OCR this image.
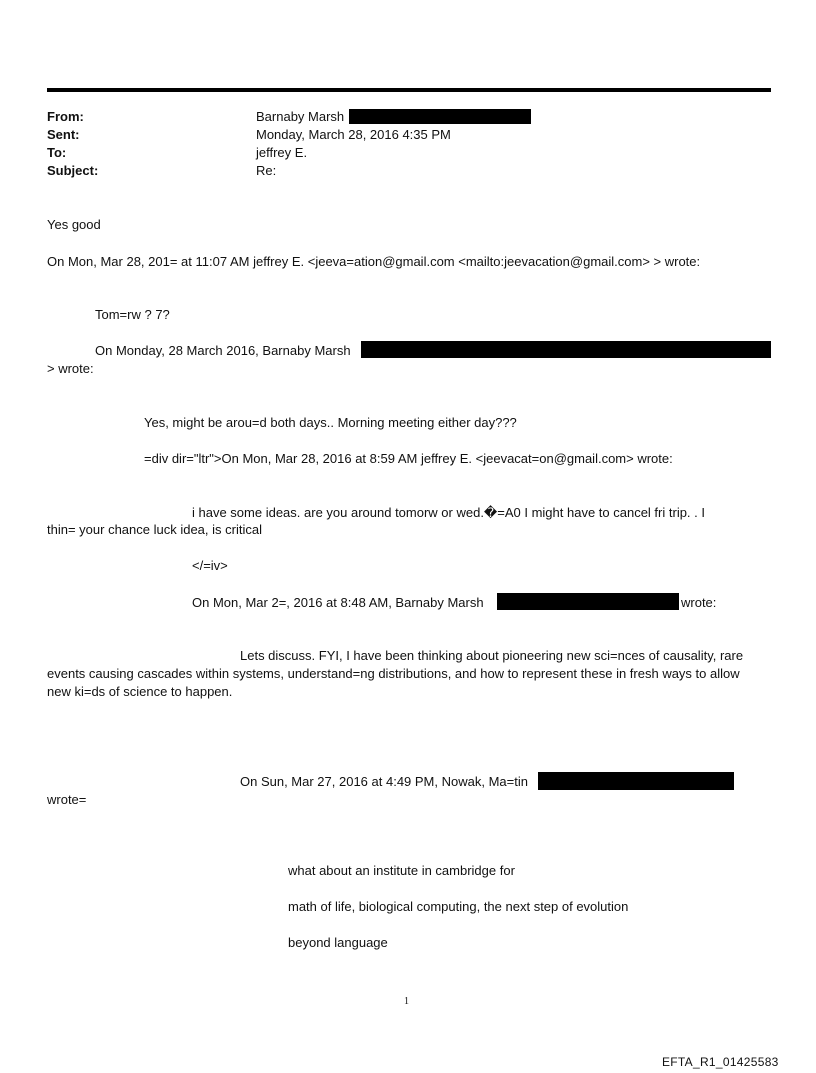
From:	Barnaby Marsh
Sent:	Monday, March 28, 2016 4:35 PM
To:	jeffrey E.
Subject:	Re:
Yes good
On Mon, Mar 28, 201= at 11:07 AM jeffrey E. <jeeva=ation@gmail.com <mailto:jeevacation@gmail.com> > wrote:
Tom=rw ? 7?
On Monday, 28 March 2016, Barnaby Marsh
> wrote:
Yes, might be arou=d both days.. Morning meeting either day???
=div dir="ltr">On Mon, Mar 28, 2016 at 8:59 AM jeffrey E. <jeevacat=on@gmail.com> wrote:
i have some ideas. are you around tomorw or wed.�=A0 I might have to cancel fri trip. . I
thin= your chance luck idea, is critical
</=iv>
On Mon, Mar 2=, 2016 at 8:48 AM, Barnaby Marsh	wrote:
Lets discuss. FYI, I have been thinking about pioneering new sci=nces of causality, rare
events causing cascades within systems, understand=ng distributions, and how to represent these in fresh ways to allow
new ki=ds of science to happen.
On Sun, Mar 27, 2016 at 4:49 PM, Nowak, Ma=tin
wrote=
what about an institute in cambridge for
math of life, biological computing, the next step of evolution
beyond language
1
EFTA_R1_01425583
